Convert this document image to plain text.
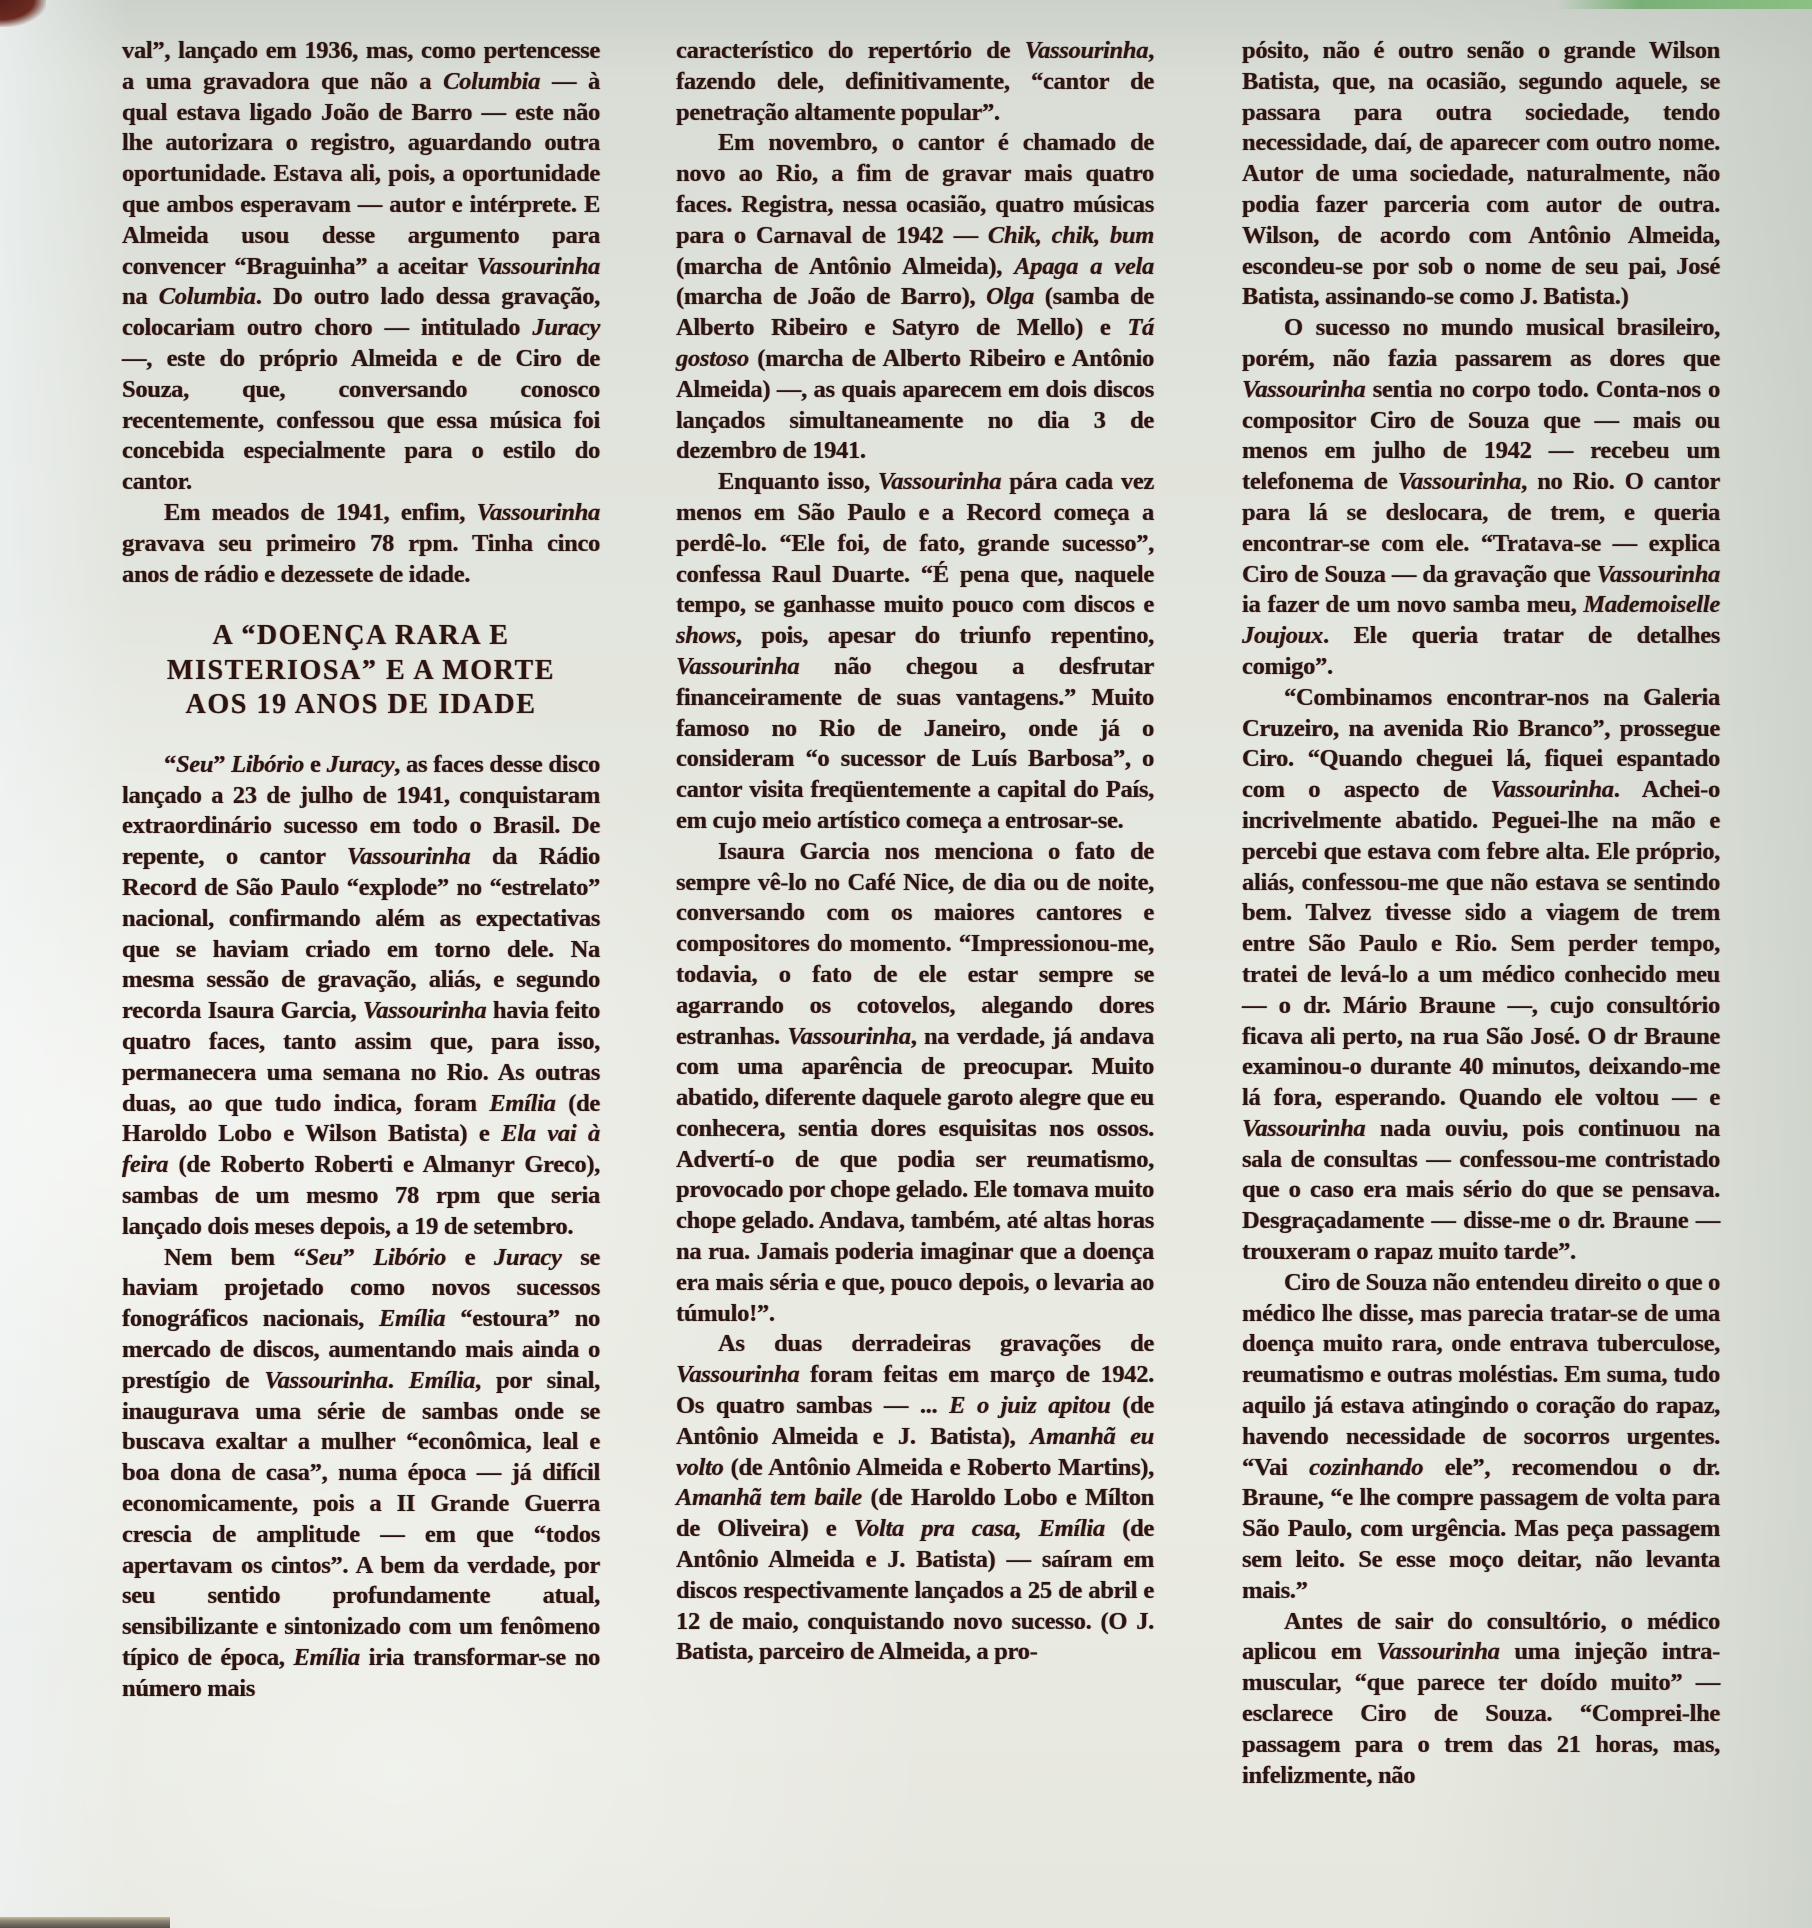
val”, lançado em 1936, mas, como pertencesse a uma gravadora que não a Columbia — à qual estava ligado João de Barro — este não lhe autorizara o registro, aguardando outra oportunidade. Estava ali, pois, a oportunidade que ambos esperavam — autor e intérprete. E Almeida usou desse argumento para convencer “Braguinha” a aceitar Vassourinha na Columbia. Do outro lado dessa gravação, colocariam outro choro — intitulado Juracy —, este do próprio Almeida e de Ciro de Souza, que, conversando conosco recentemente, confessou que essa música foi concebida especialmente para o estilo do cantor.

Em meados de 1941, enfim, Vassourinha gravava seu primeiro 78 rpm. Tinha cinco anos de rádio e dezessete de idade.

A “DOENÇA RARA E
MISTERIOSA” E A MORTE
AOS 19 ANOS DE IDADE

“Seu” Libório e Juracy, as faces desse disco lançado a 23 de julho de 1941, conquistaram extraordinário sucesso em todo o Brasil. De repente, o cantor Vassourinha da Rádio Record de São Paulo “explode” no “estrelato” nacional, confirmando além as expectativas que se haviam criado em torno dele. Na mesma sessão de gravação, aliás, e segundo recorda Isaura Garcia, Vassourinha havia feito quatro faces, tanto assim que, para isso, permanecera uma semana no Rio. As outras duas, ao que tudo indica, foram Emília (de Haroldo Lobo e Wilson Batista) e Ela vai à feira (de Roberto Roberti e Almanyr Greco), sambas de um mesmo 78 rpm que seria lançado dois meses depois, a 19 de setembro.

Nem bem “Seu” Libório e Juracy se haviam projetado como novos sucessos fonográficos nacionais, Emília “estoura” no mercado de discos, aumentando mais ainda o prestígio de Vassourinha. Emília, por sinal, inaugurava uma série de sambas onde se buscava exaltar a mulher “econômica, leal e boa dona de casa”, numa época — já difícil economicamente, pois a II Grande Guerra crescia de amplitude — em que “todos apertavam os cintos”. A bem da verdade, por seu sentido profundamente atual, sensibilizante e sintonizado com um fenômeno típico de época, Emília iria transformar-se no número mais

característico do repertório de Vassourinha, fazendo dele, definitivamente, “cantor de penetração altamente popular”.

Em novembro, o cantor é chamado de novo ao Rio, a fim de gravar mais quatro faces. Registra, nessa ocasião, quatro músicas para o Carnaval de 1942 — Chik, chik, bum (marcha de Antônio Almeida), Apaga a vela (marcha de João de Barro), Olga (samba de Alberto Ribeiro e Satyro de Mello) e Tá gostoso (marcha de Alberto Ribeiro e Antônio Almeida) —, as quais aparecem em dois discos lançados simultaneamente no dia 3 de dezembro de 1941.

Enquanto isso, Vassourinha pára cada vez menos em São Paulo e a Record começa a perdê-lo. “Ele foi, de fato, grande sucesso”, confessa Raul Duarte. “É pena que, naquele tempo, se ganhasse muito pouco com discos e shows, pois, apesar do triunfo repentino, Vassourinha não chegou a desfrutar financeiramente de suas vantagens.” Muito famoso no Rio de Janeiro, onde já o consideram “o sucessor de Luís Barbosa”, o cantor visita freqüentemente a capital do País, em cujo meio artístico começa a entrosar-se.

Isaura Garcia nos menciona o fato de sempre vê-lo no Café Nice, de dia ou de noite, conversando com os maiores cantores e compositores do momento. “Impressionou-me, todavia, o fato de ele estar sempre se agarrando os cotovelos, alegando dores estranhas. Vassourinha, na verdade, já andava com uma aparência de preocupar. Muito abatido, diferente daquele garoto alegre que eu conhecera, sentia dores esquisitas nos ossos. Advertí-o de que podia ser reumatismo, provocado por chope gelado. Ele tomava muito chope gelado. Andava, também, até altas horas na rua. Jamais poderia imaginar que a doença era mais séria e que, pouco depois, o levaria ao túmulo!”.

As duas derradeiras gravações de Vassourinha foram feitas em março de 1942. Os quatro sambas — ... E o juiz apitou (de Antônio Almeida e J. Batista), Amanhã eu volto (de Antônio Almeida e Roberto Martins), Amanhã tem baile (de Haroldo Lobo e Mílton de Oliveira) e Volta pra casa, Emília (de Antônio Almeida e J. Batista) — saíram em discos respectivamente lançados a 25 de abril e 12 de maio, conquistando novo sucesso. (O J. Batista, parceiro de Almeida, a pro-

pósito, não é outro senão o grande Wilson Batista, que, na ocasião, segundo aquele, se passara para outra sociedade, tendo necessidade, daí, de aparecer com outro nome. Autor de uma sociedade, naturalmente, não podia fazer parceria com autor de outra. Wilson, de acordo com Antônio Almeida, escondeu-se por sob o nome de seu pai, José Batista, assinando-se como J. Batista.)

O sucesso no mundo musical brasileiro, porém, não fazia passarem as dores que Vassourinha sentia no corpo todo. Conta-nos o compositor Ciro de Souza que — mais ou menos em julho de 1942 — recebeu um telefonema de Vassourinha, no Rio. O cantor para lá se deslocara, de trem, e queria encontrar-se com ele. “Tratava-se — explica Ciro de Souza — da gravação que Vassourinha ia fazer de um novo samba meu, Mademoiselle Joujoux. Ele queria tratar de detalhes comigo”.

“Combinamos encontrar-nos na Galeria Cruzeiro, na avenida Rio Branco”, prossegue Ciro. “Quando cheguei lá, fiquei espantado com o aspecto de Vassourinha. Achei-o incrivelmente abatido. Peguei-lhe na mão e percebi que estava com febre alta. Ele próprio, aliás, confessou-me que não estava se sentindo bem. Talvez tivesse sido a viagem de trem entre São Paulo e Rio. Sem perder tempo, tratei de levá-lo a um médico conhecido meu — o dr. Mário Braune —, cujo consultório ficava ali perto, na rua São José. O dr Braune examinou-o durante 40 minutos, deixando-me lá fora, esperando. Quando ele voltou — e Vassourinha nada ouviu, pois continuou na sala de consultas — confessou-me contristado que o caso era mais sério do que se pensava. Desgraçadamente — disse-me o dr. Braune — trouxeram o rapaz muito tarde”.

Ciro de Souza não entendeu direito o que o médico lhe disse, mas parecia tratar-se de uma doença muito rara, onde entrava tuberculose, reumatismo e outras moléstias. Em suma, tudo aquilo já estava atingindo o coração do rapaz, havendo necessidade de socorros urgentes. “Vai cozinhando ele”, recomendou o dr. Braune, “e lhe compre passagem de volta para São Paulo, com urgência. Mas peça passagem sem leito. Se esse moço deitar, não levanta mais.”

Antes de sair do consultório, o médico aplicou em Vassourinha uma injeção intra-muscular, “que parece ter doído muito” — esclarece Ciro de Souza. “Comprei-lhe passagem para o trem das 21 horas, mas, infelizmente, não
